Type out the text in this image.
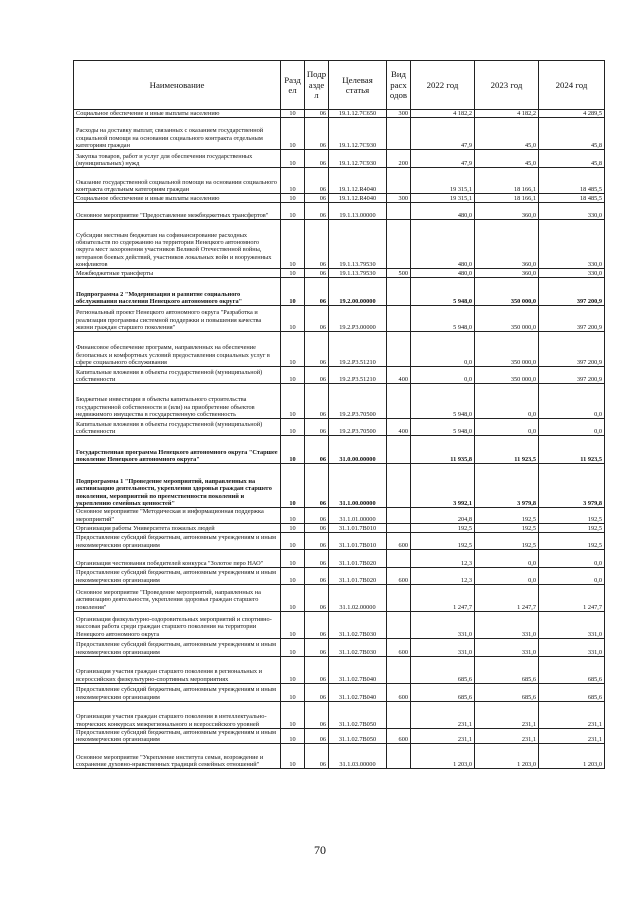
Наименование	Разд ел	Подр азде л	Целевая статья	Вид расх одов	2022 год	2023 год	2024 год
Социальное обеспечение и иные выплаты населению	10	06	19.1.12.7С650	300	4 182,2	4 182,2	4 289,5
Расходы на доставку выплат, связанных с оказанием государственной социальной помощи на основании социального контракта отдельным категориям граждан	10	06	19.1.12.7С930		47,9	45,0	45,8
Закупка товаров, работ и услуг для обеспечения государственных (муниципальных) нужд	10	06	19.1.12.7С930	200	47,9	45,0	45,8
Оказание государственной социальной помощи на основании социального контракта отдельным категориям граждан	10	06	19.1.12.R4040		19 315,1	18 166,1	18 485,5
Социальное обеспечение и иные выплаты населению	10	06	19.1.12.R4040	300	19 315,1	18 166,1	18 485,5
Основное мероприятие "Предоставление межбюджетных трансфертов"	10	06	19.1.13.00000		480,0	360,0	330,0
Субсидии местным бюджетам на софинансирование расходных обязательств по содержанию на территории Ненецкого автономного округа мест захоронения участников Великой Отечественной войны, ветеранов боевых действий, участников локальных войн и вооруженных конфликтов	10	06	19.1.13.79530		480,0	360,0	330,0
Межбюджетные трансферты	10	06	19.1.13.79530	500	480,0	360,0	330,0
Подпрограмма 2 "Модернизация и развитие социального обслуживания населения Ненецкого автономного округа"	10	06	19.2.00.00000		5 948,0	350 000,0	397 200,9
Региональный проект Ненецкого автономного округа "Разработка и реализация программы системной поддержки и повышения качества жизни граждан старшего поколения"	10	06	19.2.P3.00000		5 948,0	350 000,0	397 200,9
Финансовое обеспечение программ, направленных на обеспечение безопасных и комфортных условий предоставления социальных услуг в сфере социального обслуживания	10	06	19.2.P3.51210		0,0	350 000,0	397 200,9
Капитальные вложения в объекты государственной (муниципальной) собственности	10	06	19.2.P3.51210	400	0,0	350 000,0	397 200,9
Бюджетные инвестиции в объекты капитального строительства государственной собственности и (или) на приобретение объектов недвижимого имущества в государственную собственность	10	06	19.2.P3.70500		5 948,0	0,0	0,0
Капитальные вложения в объекты государственной (муниципальной) собственности	10	06	19.2.P3.70500	400	5 948,0	0,0	0,0
Государственная программа Ненецкого автономного округа "Старшее поколение Ненецкого автономного округа"	10	06	31.0.00.00000		11 935,8	11 923,5	11 923,5
Подпрограмма 1 "Проведение мероприятий, направленных на активизацию деятельности, укрепления здоровья граждан старшего поколения, мероприятий по преемственности поколений и укреплению семейных ценностей"	10	06	31.1.00.00000		3 992,1	3 979,8	3 979,8
Основное мероприятие "Методическая и информационная поддержка мероприятий"	10	06	31.1.01.00000		204,8	192,5	192,5
Организация работы Университета пожилых людей	10	06	31.1.01.7В010		192,5	192,5	192,5
Предоставление субсидий бюджетным, автономным учреждениям и иным некоммерческим организациям	10	06	31.1.01.7В010	600	192,5	192,5	192,5
Организация чествования победителей конкурса "Золотое перо НАО"	10	06	31.1.01.7В020		12,3	0,0	0,0
Предоставление субсидий бюджетным, автономным учреждениям и иным некоммерческим организациям	10	06	31.1.01.7В020	600	12,3	0,0	0,0
Основное мероприятие "Проведение мероприятий, направленных на активизацию деятельности, укрепления здоровья граждан старшего поколения"	10	06	31.1.02.00000		1 247,7	1 247,7	1 247,7
Организация физкультурно-оздоровительных мероприятий и спортивно-массовая работа среди граждан старшего поколения на территории Ненецкого автономного округа	10	06	31.1.02.7В030		331,0	331,0	331,0
Предоставление субсидий бюджетным, автономным учреждениям и иным некоммерческим организациям	10	06	31.1.02.7В030	600	331,0	331,0	331,0
Организация участия граждан старшего поколения в региональных и всероссийских физкультурно-спортивных мероприятиях	10	06	31.1.02.7В040		685,6	685,6	685,6
Предоставление субсидий бюджетным, автономным учреждениям и иным некоммерческим организациям	10	06	31.1.02.7В040	600	685,6	685,6	685,6
Организация участия граждан старшего поколения в интеллектуально-творческих конкурсах межрегионального и всероссийского уровней	10	06	31.1.02.7В050		231,1	231,1	231,1
Предоставление субсидий бюджетным, автономным учреждениям и иным некоммерческим организациям	10	06	31.1.02.7В050	600	231,1	231,1	231,1
Основное мероприятие "Укрепление института семьи, возрождение и сохранение духовно-нравственных традиций семейных отношений"	10	06	31.1.03.00000		1 203,0	1 203,0	1 203,0
70
